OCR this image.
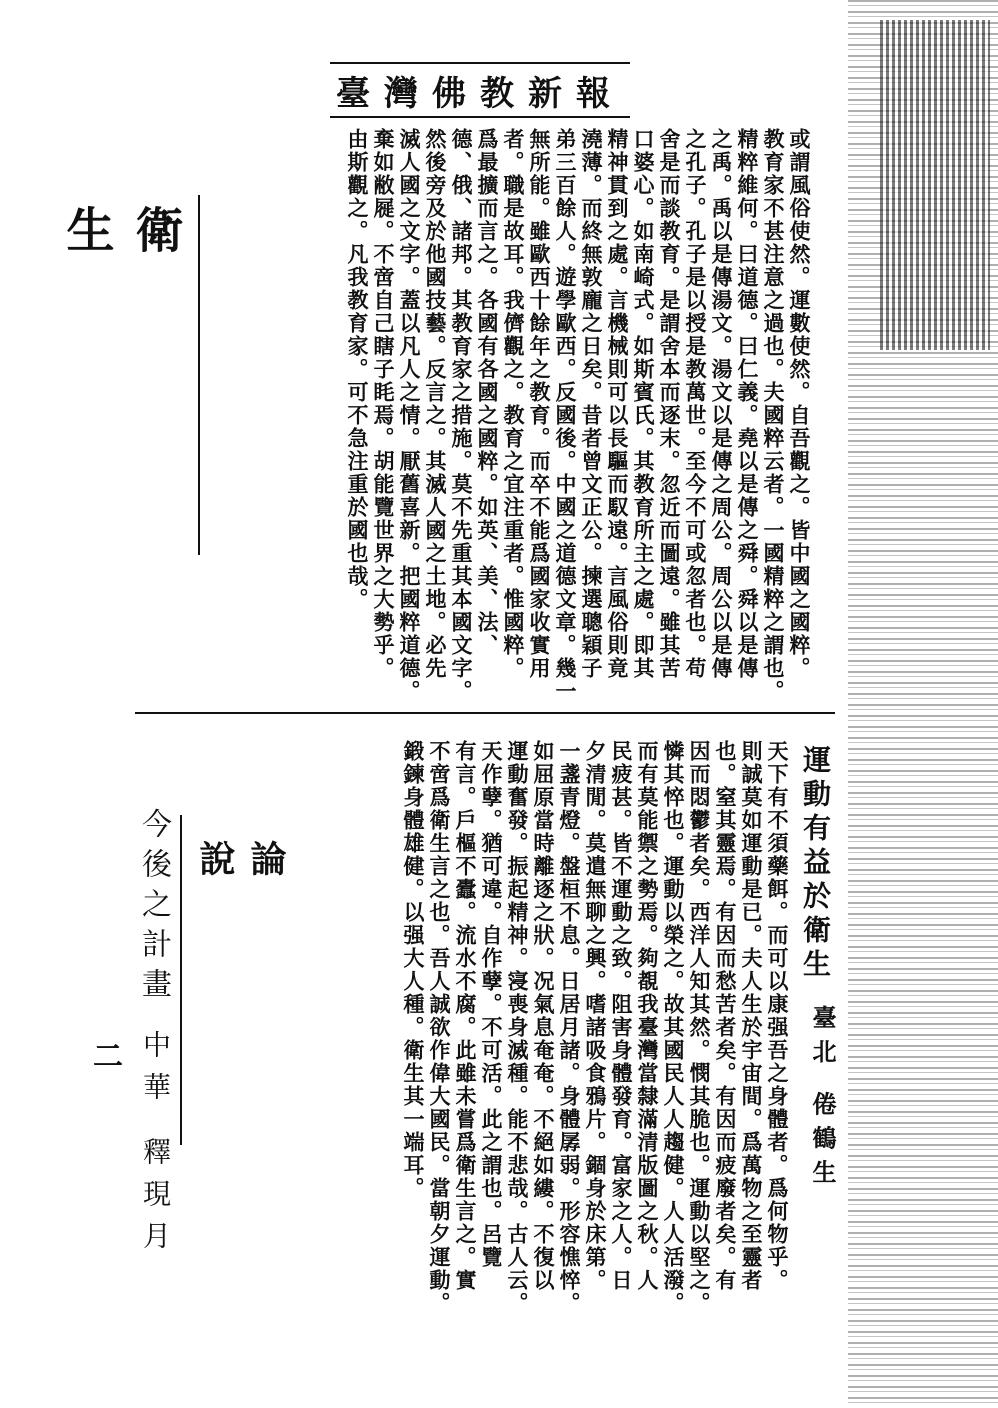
臺灣佛教新報
衛 生	或謂風俗使然。運數使然。自吾觀之。皆中國之國粹。
教育家不甚注意之過也。夫國粹云者。一國精粹之謂也。
精粹維何。曰道德。曰仁義。堯以是傳之舜。舜以是傳
之禹。禹以是傳湯文。湯文以是傳之周公。周公以是傳
之孔子。孔子是以授是教萬世。至今不可或忽者也。苟
舍是而談教育。是謂舍本而逐末。忽近而圖遠。雖其苦
口婆心。如南崎式。如斯賓氏。其教育所主之處。即其
精神貫到之處。言機械則可以長驅而馭遠。言風俗則竟
澆薄。而終無敦龐之日矣。昔者曾文正公。揀選聰穎子
弟三百餘人。遊學歐西。反國後。中國之道德文章。幾一
無所能。雖歐西十餘年之教育。而卒不能爲國家收實用
者。職是故耳。我儕觀之。教育之宜注重者。惟國粹。
爲最擴而言之。各國有各國之國粹。如英、美、法、
德、俄、諸邦。其教育家之措施。莫不先重其本國文字。
然後旁及於他國技藝。反言之。其滅人國之土地。必先
滅人國之文字。蓋以凡人之情。厭舊喜新。把國粹道德。
棄如敝屣。不啻自己瞎子眊焉。胡能覽世界之大勢乎。
由斯觀之。凡我教育家。可不急注重於國也哉。
運動有益於衛生
臺北 倦鶴生
天下有不須藥餌。而可以康强吾之身體者。爲何物乎。
則誠莫如運動是已。夫人生於宇宙間。爲萬物之至靈者
也。窒其靈焉。有因而愁苦者矣。有因而疲廢者矣。有
因而悶鬱者矣。西洋人知其然。憫其脆也。運動以堅之。
憐其悴也。運動以榮之。故其國民人人趨健。人人活潑。
而有莫能禦之勢焉。夠覩我臺灣當隸滿清版圖之秋。人
民疲甚。皆不運動之致。阻害身體發育。富家之人。日
夕清閒。莫遣無聊之興。嗜諸吸食鴉片。錮身於床第。
一盞青燈。盤桓不息。日居月諸。身體孱弱。形容憔悴。
如屈原當時離逐之狀。况氣息奄奄。不絕如縷。不復以
運動奮發。振起精神。寖喪身滅種。能不悲哉。古人云。
天作孽。猶可違。自作孽。不可活。此之謂也。呂覽
有言。戶樞不蠹。流水不腐。此雖未嘗爲衛生言之。實
不啻爲衛生言之也。吾人誠欲作偉大國民。當朝夕運動。
鍛鍊身體雄健。以强大人種。衛生其一端耳。
論 說
今後之計畫
中華 釋現月
二
